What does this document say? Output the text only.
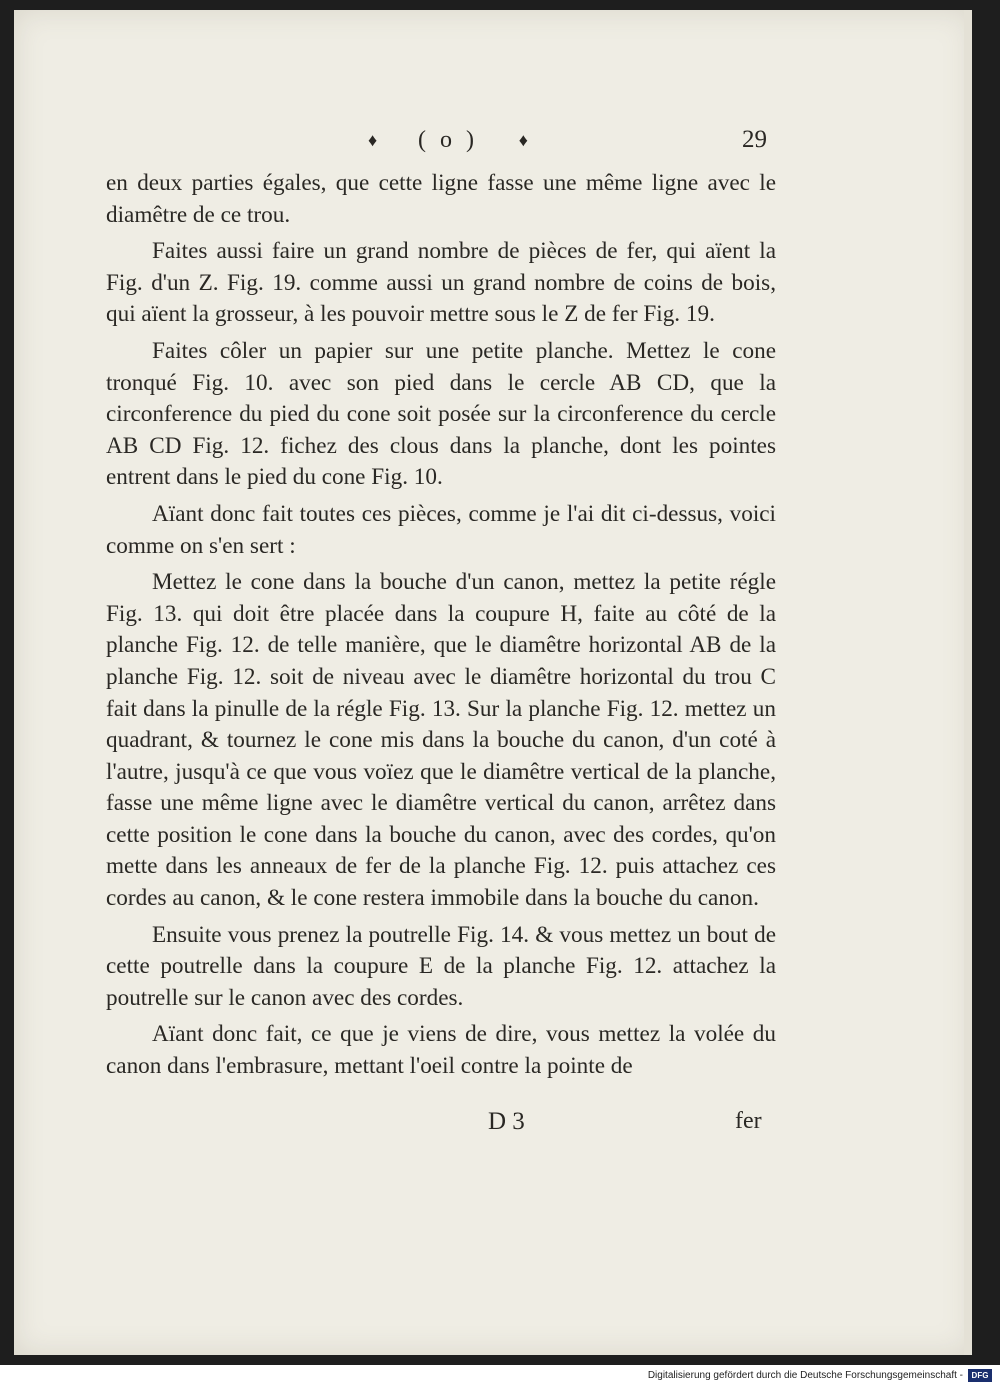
♦ ( o ) ♦	29

en deux parties égales, que cette ligne fasse une même ligne avec le diamêtre de ce trou.

Faites aussi faire un grand nombre de pièces de fer, qui aïent la Fig. d'un Z. Fig. 19. comme aussi un grand nombre de coins de bois, qui aïent la grosseur, à les pouvoir mettre sous le Z de fer Fig. 19.

Faites côler un papier sur une petite planche. Mettez le cone tronqué Fig. 10. avec son pied dans le cercle AB CD, que la circonference du pied du cone soit posée sur la circonference du cercle AB CD Fig. 12. fichez des clous dans la planche, dont les pointes entrent dans le pied du cone Fig. 10.

Aïant donc fait toutes ces pièces, comme je l'ai dit ci-dessus, voici comme on s'en sert :

Mettez le cone dans la bouche d'un canon, mettez la petite régle Fig. 13. qui doit être placée dans la coupure H, faite au côté de la planche Fig. 12. de telle manière, que le diamêtre horizontal AB de la planche Fig. 12. soit de niveau avec le diamêtre horizontal du trou C fait dans la pinulle de la régle Fig. 13. Sur la planche Fig. 12. mettez un quadrant, & tournez le cone mis dans la bouche du canon, d'un coté à l'autre, jusqu'à ce que vous voïez que le diamêtre vertical de la planche, fasse une même ligne avec le diamêtre vertical du canon, arrêtez dans cette position le cone dans la bouche du canon, avec des cordes, qu'on mette dans les anneaux de fer de la planche Fig. 12. puis attachez ces cordes au canon, & le cone restera immobile dans la bouche du canon.

Ensuite vous prenez la poutrelle Fig. 14. & vous mettez un bout de cette poutrelle dans la coupure E de la planche Fig. 12. attachez la poutrelle sur le canon avec des cordes.

Aïant donc fait, ce que je viens de dire, vous mettez la volée du canon dans l'embrasure, mettant l'oeil contre la pointe de

D 3	fer
Digitalisierung gefördert durch die Deutsche Forschungsgemeinschaft -	DFG
